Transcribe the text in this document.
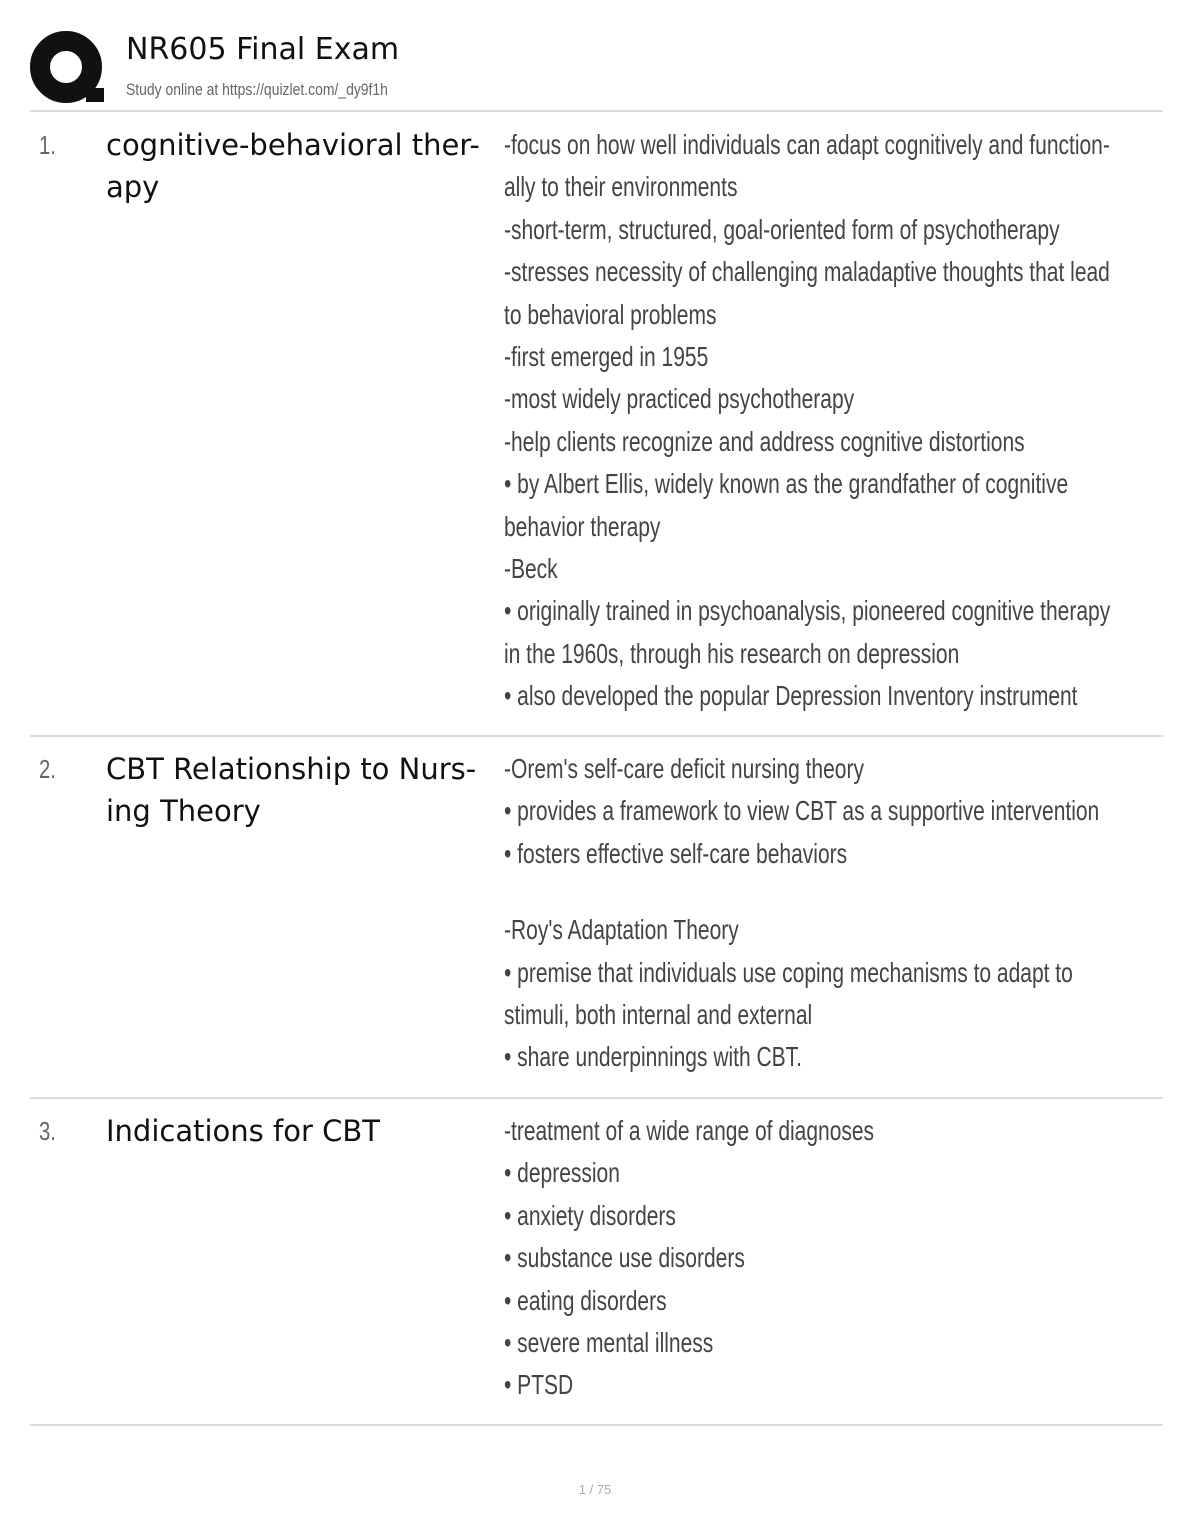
NR605 Final Exam
Study online at https://quizlet.com/_dy9f1h
1. cognitive-behavioral ther-
apy
-focus on how well individuals can adapt cognitively and function-
ally to their environments
-short-term, structured, goal-oriented form of psychotherapy
-stresses necessity of challenging maladaptive thoughts that lead
to behavioral problems
-first emerged in 1955
-most widely practiced psychotherapy
-help clients recognize and address cognitive distortions
• by Albert Ellis, widely known as the grandfather of cognitive
behavior therapy
-Beck
• originally trained in psychoanalysis, pioneered cognitive therapy
in the 1960s, through his research on depression
• also developed the popular Depression Inventory instrument
2. CBT Relationship to Nurs-
ing Theory
-Orem's self-care deficit nursing theory
• provides a framework to view CBT as a supportive intervention
• fosters effective self-care behaviors
-Roy's Adaptation Theory
• premise that individuals use coping mechanisms to adapt to
stimuli, both internal and external
• share underpinnings with CBT.
3. Indications for CBT	-treatment of a wide range of diagnoses
• depression
• anxiety disorders
• substance use disorders
• eating disorders
• severe mental illness
• PTSD
1 / 75
